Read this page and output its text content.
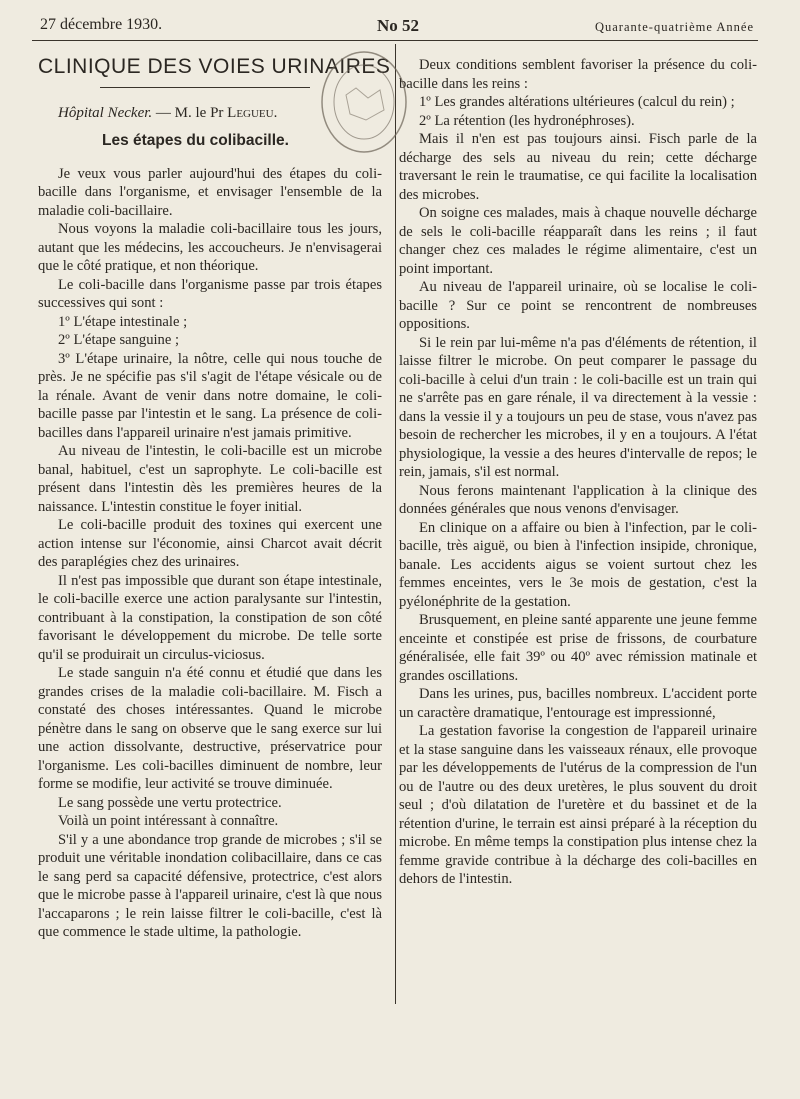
27 décembre 1930.	No 52	Quarante-quatrième Année

CLINIQUE DES VOIES URINAIRES

Hôpital Necker. — M. le Pr Legueu.

Les étapes du colibacille.

Je veux vous parler aujourd'hui des étapes du coli-bacille dans l'organisme, et envisager l'ensemble de la maladie coli-bacillaire.

Nous voyons la maladie coli-bacillaire tous les jours, autant que les médecins, les accoucheurs. Je n'envisagerai que le côté pratique, et non théorique.

Le coli-bacille dans l'organisme passe par trois étapes successives qui sont :

1º L'étape intestinale ;

2º L'étape sanguine ;

3º L'étape urinaire, la nôtre, celle qui nous touche de près. Je ne spécifie pas s'il s'agit de l'étape vésicale ou de la rénale. Avant de venir dans notre domaine, le coli-bacille passe par l'intestin et le sang. La présence de coli-bacilles dans l'appareil urinaire n'est jamais primitive.

Au niveau de l'intestin, le coli-bacille est un microbe banal, habituel, c'est un saprophyte. Le coli-bacille est présent dans l'intestin dès les premières heures de la naissance. L'intestin constitue le foyer initial.

Le coli-bacille produit des toxines qui exercent une action intense sur l'économie, ainsi Charcot avait décrit des paraplégies chez des urinaires.

Il n'est pas impossible que durant son étape intestinale, le coli-bacille exerce une action paralysante sur l'intestin, contribuant à la constipation, la constipation de son côté favorisant le développement du microbe. De telle sorte qu'il se produirait un circulus-viciosus.

Le stade sanguin n'a été connu et étudié que dans les grandes crises de la maladie coli-bacillaire. M. Fisch a constaté des choses intéressantes. Quand le microbe pénètre dans le sang on observe que le sang exerce sur lui une action dissolvante, destructive, préservatrice pour l'organisme. Les coli-bacilles diminuent de nombre, leur forme se modifie, leur activité se trouve diminuée.

Le sang possède une vertu protectrice.

Voilà un point intéressant à connaître.

S'il y a une abondance trop grande de microbes ; s'il se produit une véritable inondation colibacillaire, dans ce cas le sang perd sa capacité défensive, protectrice, c'est alors que le microbe passe à l'appareil urinaire, c'est là que nous l'accaparons ; le rein laisse filtrer le coli-bacille, c'est là que commence le stade ultime, la pathologie.

Deux conditions semblent favoriser la présence du coli-bacille dans les reins :

1º Les grandes altérations ultérieures (calcul du rein) ;

2º La rétention (les hydronéphroses).

Mais il n'en est pas toujours ainsi. Fisch parle de la décharge des sels au niveau du rein; cette décharge traversant le rein le traumatise, ce qui facilite la localisation des microbes.

On soigne ces malades, mais à chaque nouvelle décharge de sels le coli-bacille réapparaît dans les reins ; il faut changer chez ces malades le régime alimentaire, c'est un point important.

Au niveau de l'appareil urinaire, où se localise le coli-bacille ? Sur ce point se rencontrent de nombreuses oppositions.

Si le rein par lui-même n'a pas d'éléments de rétention, il laisse filtrer le microbe. On peut comparer le passage du coli-bacille à celui d'un train : le coli-bacille est un train qui ne s'arrête pas en gare rénale, il va directement à la vessie : dans la vessie il y a toujours un peu de stase, vous n'avez pas besoin de rechercher les microbes, il y en a toujours. A l'état physiologique, la vessie a des heures d'intervalle de repos; le rein, jamais, s'il est normal.

Nous ferons maintenant l'application à la clinique des données générales que nous venons d'envisager.

En clinique on a affaire ou bien à l'infection, par le coli-bacille, très aiguë, ou bien à l'infection insipide, chronique, banale. Les accidents aigus se voient surtout chez les femmes enceintes, vers le 3e mois de gestation, c'est la pyélonéphrite de la gestation.

Brusquement, en pleine santé apparente une jeune femme enceinte et constipée est prise de frissons, de courbature généralisée, elle fait 39º ou 40º avec rémission matinale et grandes oscillations.

Dans les urines, pus, bacilles nombreux. L'accident porte un caractère dramatique, l'entourage est impressionné,

La gestation favorise la congestion de l'appareil urinaire et la stase sanguine dans les vaisseaux rénaux, elle provoque par les développements de l'utérus de la compression de l'un ou de l'autre ou des deux uretères, le plus souvent du droit seul ; d'où dilatation de l'uretère et du bassinet et de la rétention d'urine, le terrain est ainsi préparé à la réception du microbe. En même temps la constipation plus intense chez la femme gravide contribue à la décharge des coli-bacilles en dehors de l'intestin.
